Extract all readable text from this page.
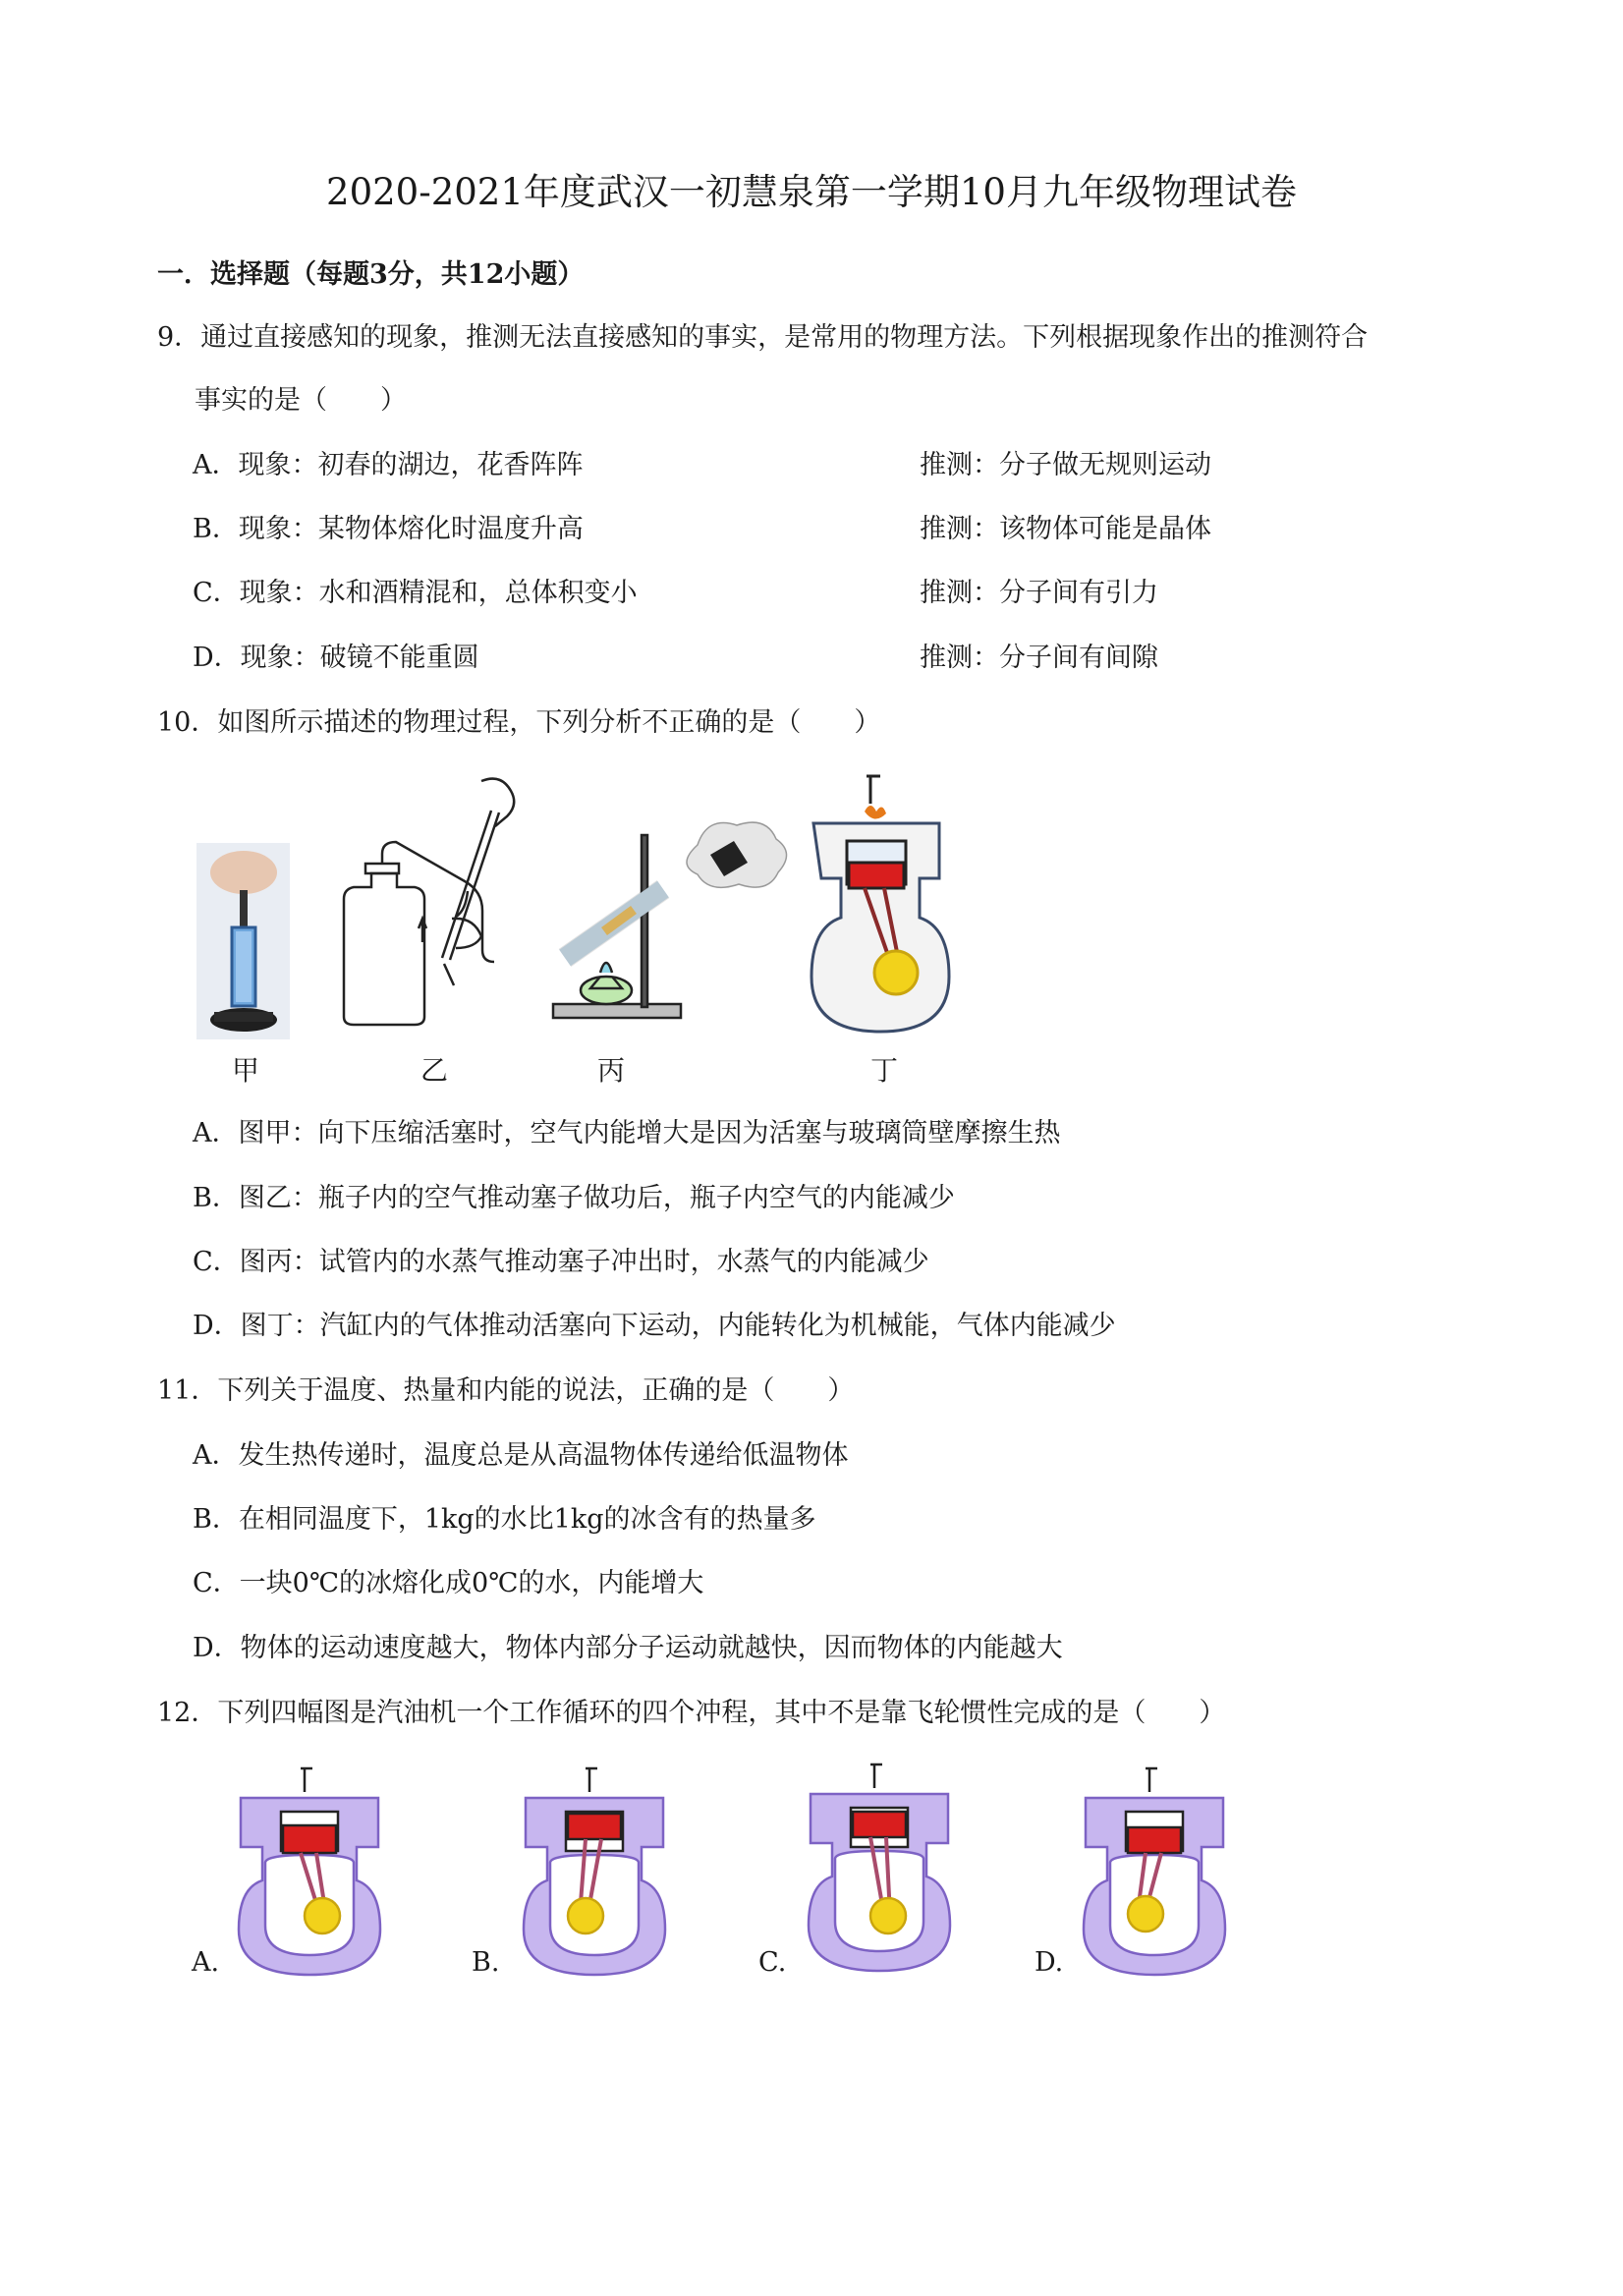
2020-2021年度武汉一初慧泉第一学期10月九年级物理试卷
一．选择题（每题3分，共12小题）
9．通过直接感知的现象，推测无法直接感知的事实，是常用的物理方法。下列根据现象作出的推测符合
事实的是（　　）
A．现象：初春的湖边，花香阵阵	推测：分子做无规则运动
B．现象：某物体熔化时温度升高	推测：该物体可能是晶体
C．现象：水和酒精混和，总体积变小	推测：分子间有引力
D．现象：破镜不能重圆	推测：分子间有间隙
10．如图所示描述的物理过程，下列分析不正确的是（　　）
甲	乙	丙	丁
A．图甲：向下压缩活塞时，空气内能增大是因为活塞与玻璃筒壁摩擦生热
B．图乙：瓶子内的空气推动塞子做功后，瓶子内空气的内能减少
C．图丙：试管内的水蒸气推动塞子冲出时，水蒸气的内能减少
D．图丁：汽缸内的气体推动活塞向下运动，内能转化为机械能，气体内能减少
11．下列关于温度、热量和内能的说法，正确的是（　　）
A．发生热传递时，温度总是从高温物体传递给低温物体
B．在相同温度下，1kg的水比1kg的冰含有的热量多
C．一块0℃的冰熔化成0℃的水，内能增大
D．物体的运动速度越大，物体内部分子运动就越快，因而物体的内能越大
12．下列四幅图是汽油机一个工作循环的四个冲程，其中不是靠飞轮惯性完成的是（　　）
A.	B.	C.	D.
